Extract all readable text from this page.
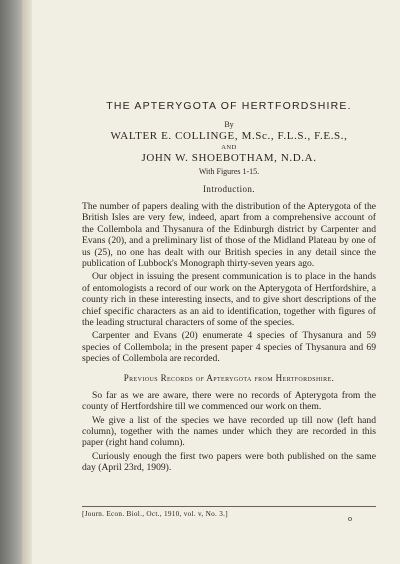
THE APTERYGOTA OF HERTFORDSHIRE.
By
WALTER E. COLLINGE, M.Sc., F.L.S., F.E.S.,
AND
JOHN W. SHOEBOTHAM, N.D.A.
With Figures 1-15.
Introduction.

The number of papers dealing with the distribution of the Apterygota of the British Isles are very few, indeed, apart from a comprehensive account of the Collembola and Thysanura of the Edinburgh district by Carpenter and Evans (20), and a preliminary list of those of the Midland Plateau by one of us (25), no one has dealt with our British species in any detail since the publication of Lubbock's Monograph thirty-seven years ago.

Our object in issuing the present communication is to place in the hands of entomologists a record of our work on the Apterygota of Hertfordshire, a county rich in these interesting insects, and to give short descriptions of the chief specific characters as an aid to identification, together with figures of the leading structural characters of some of the species.

Carpenter and Evans (20) enumerate 4 species of Thysanura and 59 species of Collembola; in the present paper 4 species of Thysanura and 69 species of Collembola are recorded.

Previous Records of Apterygota from Hertfordshire.

So far as we are aware, there were no records of Apterygota from the county of Hertfordshire till we commenced our work on them.

We give a list of the species we have recorded up till now (left hand column), together with the names under which they are recorded in this paper (right hand column).

Curiously enough the first two papers were both published on the same day (April 23rd, 1909).

[Journ. Econ. Biol., Oct., 1910, vol. v, No. 3.]	o
